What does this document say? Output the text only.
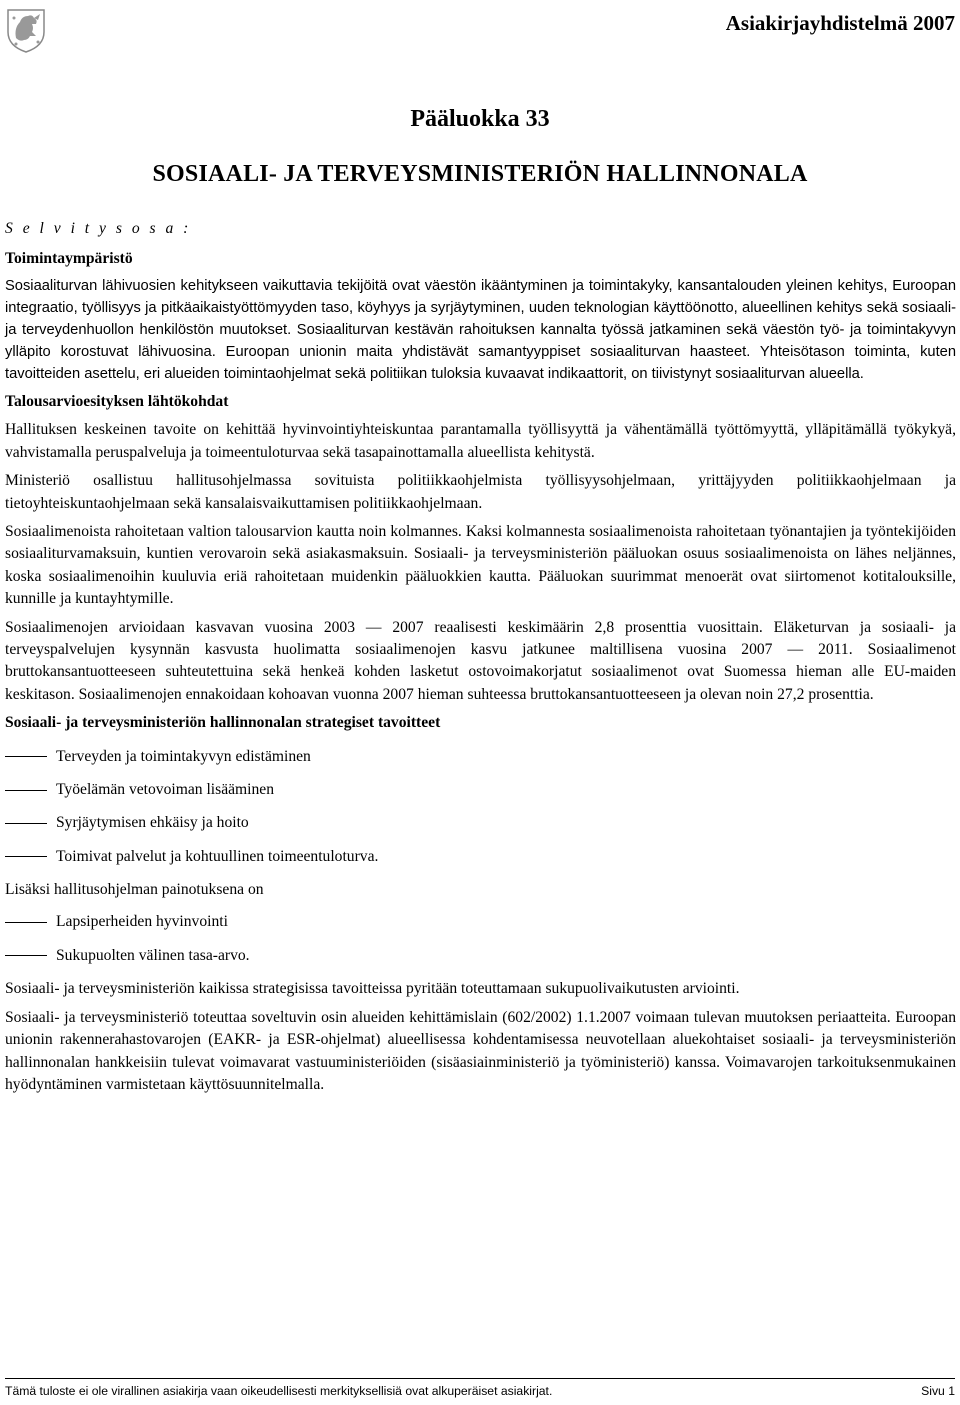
Asiakirjayhdistelmä 2007
Pääluokka 33
SOSIAALI- JA TERVEYSMINISTERIÖN HALLINNONALA

S e l v i t y s o s a :

Toimintaympäristö

Sosiaaliturvan lähivuosien kehitykseen vaikuttavia tekijöitä ovat väestön ikääntyminen ja toimintakyky, kansantalouden yleinen kehitys, Euroopan integraatio, työllisyys ja pitkäaikaistyöttömyyden taso, köyhyys ja syrjäytyminen, uuden teknologian käyttöönotto, alueellinen kehitys sekä sosiaali- ja terveydenhuollon henkilöstön muutokset. Sosiaaliturvan kestävän rahoituksen kannalta työssä jatkaminen sekä väestön työ- ja toimintakyvyn ylläpito korostuvat lähivuosina. Euroopan unionin maita yhdistävät samantyyppiset sosiaaliturvan haasteet. Yhteisötason toiminta, kuten tavoitteiden asettelu, eri alueiden toimintaohjelmat sekä politiikan tuloksia kuvaavat indikaattorit, on tiivistynyt sosiaaliturvan alueella.

Talousarvioesityksen lähtökohdat

Hallituksen keskeinen tavoite on kehittää hyvinvointiyhteiskuntaa parantamalla työllisyyttä ja vähentämällä työttömyyttä, ylläpitämällä työkykyä, vahvistamalla peruspalveluja ja toimeentuloturvaa sekä tasapainottamalla alueellista kehitystä.

Ministeriö osallistuu hallitusohjelmassa sovituista politiikkaohjelmista työllisyysohjelmaan, yrittäjyyden politiikkaohjelmaan ja tietoyhteiskuntaohjelmaan sekä kansalaisvaikuttamisen politiikkaohjelmaan.

Sosiaalimenoista rahoitetaan valtion talousarvion kautta noin kolmannes. Kaksi kolmannesta sosiaalimenoista rahoitetaan työnantajien ja työntekijöiden sosiaaliturvamaksuin, kuntien verovaroin sekä asiakasmaksuin. Sosiaali- ja terveysministeriön pääluokan osuus sosiaalimenoista on lähes neljännes, koska sosiaalimenoihin kuuluvia eriä rahoitetaan muidenkin pääluokkien kautta. Pääluokan suurimmat menoerät ovat siirtomenot kotitalouksille, kunnille ja kuntayhtymille.

Sosiaalimenojen arvioidaan kasvavan vuosina 2003 — 2007 reaalisesti keskimäärin 2,8 prosenttia vuosittain. Eläketurvan ja sosiaali- ja terveyspalvelujen kysynnän kasvusta huolimatta sosiaalimenojen kasvu jatkunee maltillisena vuosina 2007 — 2011. Sosiaalimenot bruttokansantuotteeseen suhteutettuina sekä henkeä kohden lasketut ostovoimakorjatut sosiaalimenot ovat Suomessa hieman alle EU-maiden keskitason. Sosiaalimenojen ennakoidaan kohoavan vuonna 2007 hieman suhteessa bruttokansantuotteeseen ja olevan noin 27,2 prosenttia.

Sosiaali- ja terveysministeriön hallinnonalan strategiset tavoitteet
Terveyden ja toimintakyvyn edistäminen
Työelämän vetovoiman lisääminen
Syrjäytymisen ehkäisy ja hoito
Toimivat palvelut ja kohtuullinen toimeentuloturva.

Lisäksi hallitusohjelman painotuksena on

Lapsiperheiden hyvinvointi
Sukupuolten välinen tasa-arvo.

Sosiaali- ja terveysministeriön kaikissa strategisissa tavoitteissa pyritään toteuttamaan sukupuolivaikutusten arviointi.

Sosiaali- ja terveysministeriö toteuttaa soveltuvin osin alueiden kehittämislain (602/2002) 1.1.2007 voimaan tulevan muutoksen periaatteita. Euroopan unionin rakennerahastovarojen (EAKR- ja ESR-ohjelmat) alueellisessa kohdentamisessa neuvotellaan aluekohtaiset sosiaali- ja terveysministeriön hallinnonalan hankkeisiin tulevat voimavarat vastuuministeriöiden (sisäasiainministeriö ja työministeriö) kanssa. Voimavarojen tarkoituksenmukainen hyödyntäminen varmistetaan käyttösuunnitelmalla.

Tämä tuloste ei ole virallinen asiakirja vaan oikeudellisesti merkityksellisiä ovat alkuperäiset asiakirjat.	Sivu 1
